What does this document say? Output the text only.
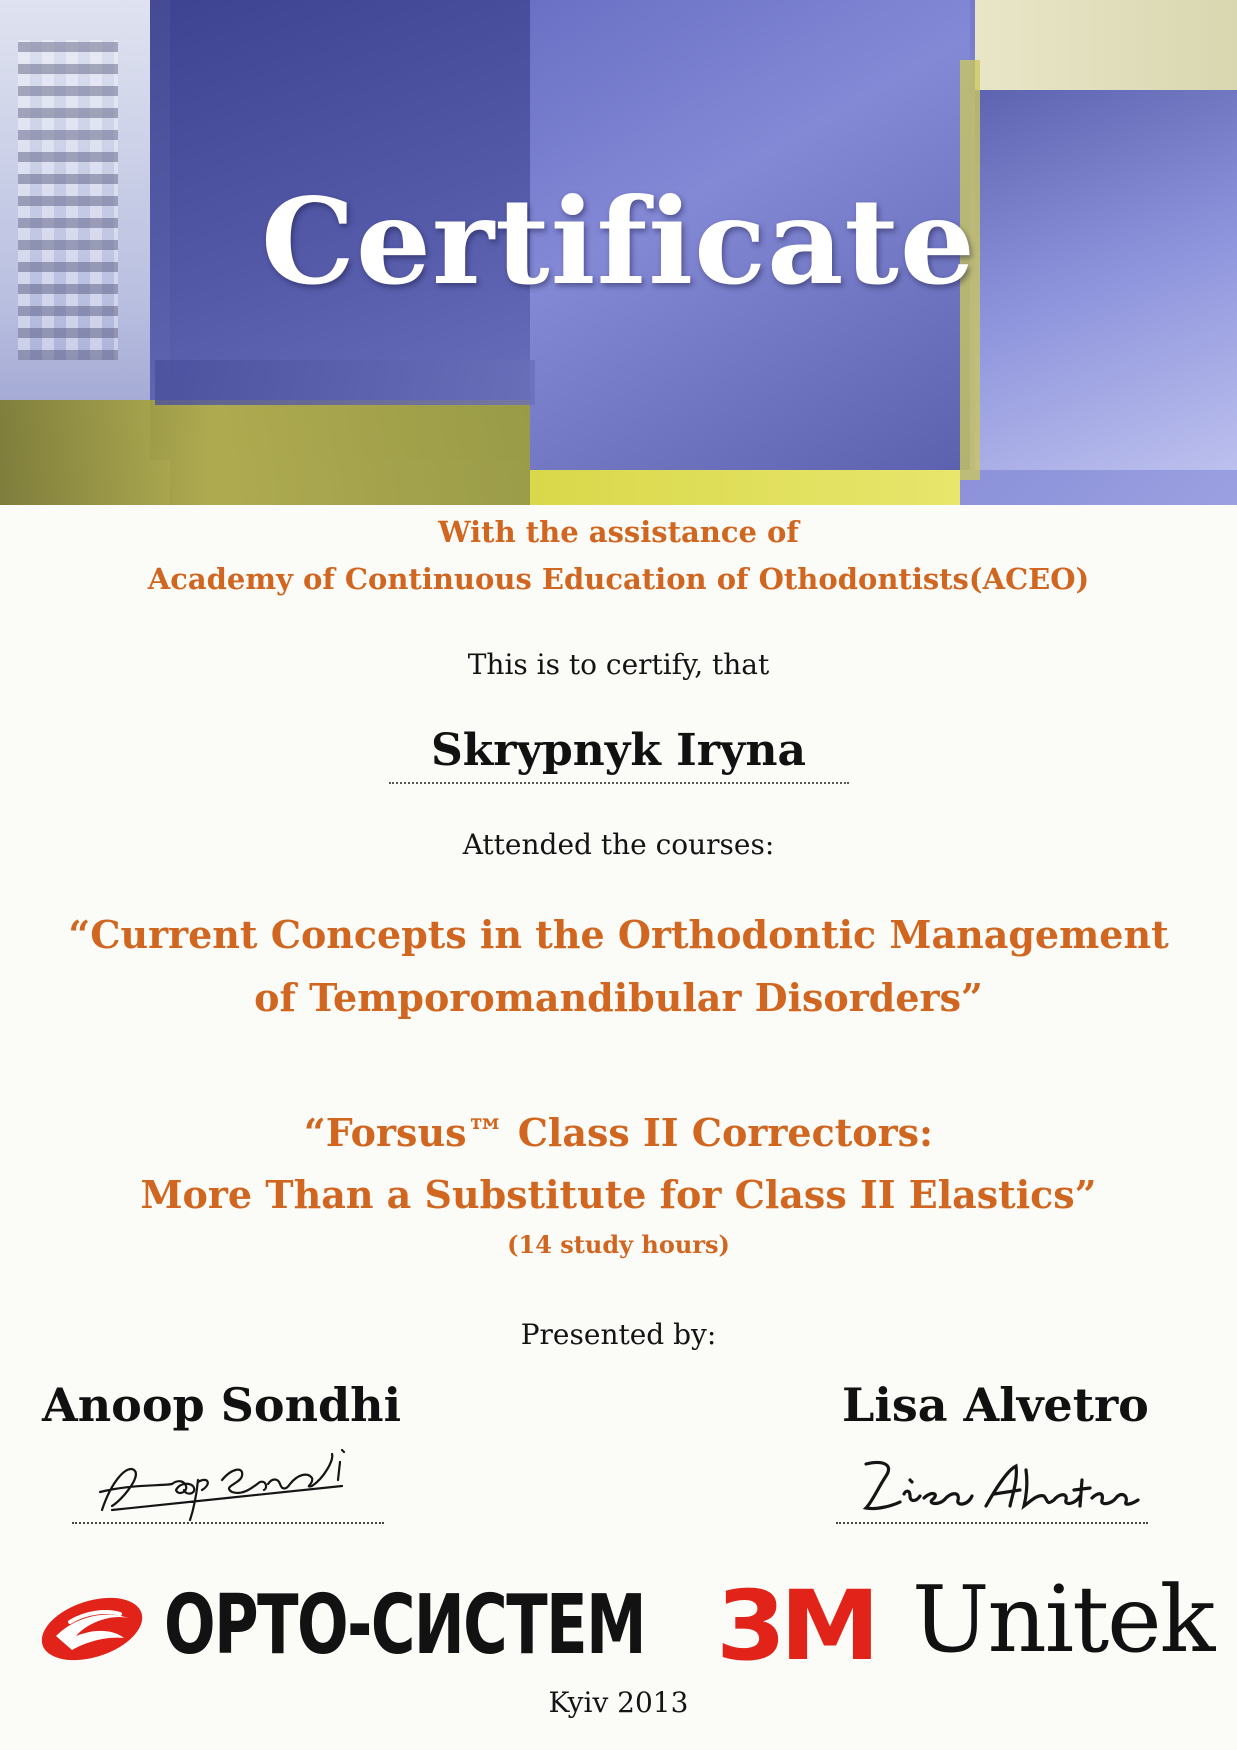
Certificate
With the assistance of
Academy of Continuous Education of Othodontists(ACEO)
This is to certify, that
Skrypnyk Iryna
Attended the courses:
“Current Concepts in the Orthodontic Management
of Temporomandibular Disorders”
“Forsus™ Class II Correctors:
More Than a Substitute for Class II Elastics”
(14 study hours)
Presented by:
Anoop Sondhi	Lisa Alvetro
ОРТО-СИСТЕМ 3M Unitek
Kyiv 2013
